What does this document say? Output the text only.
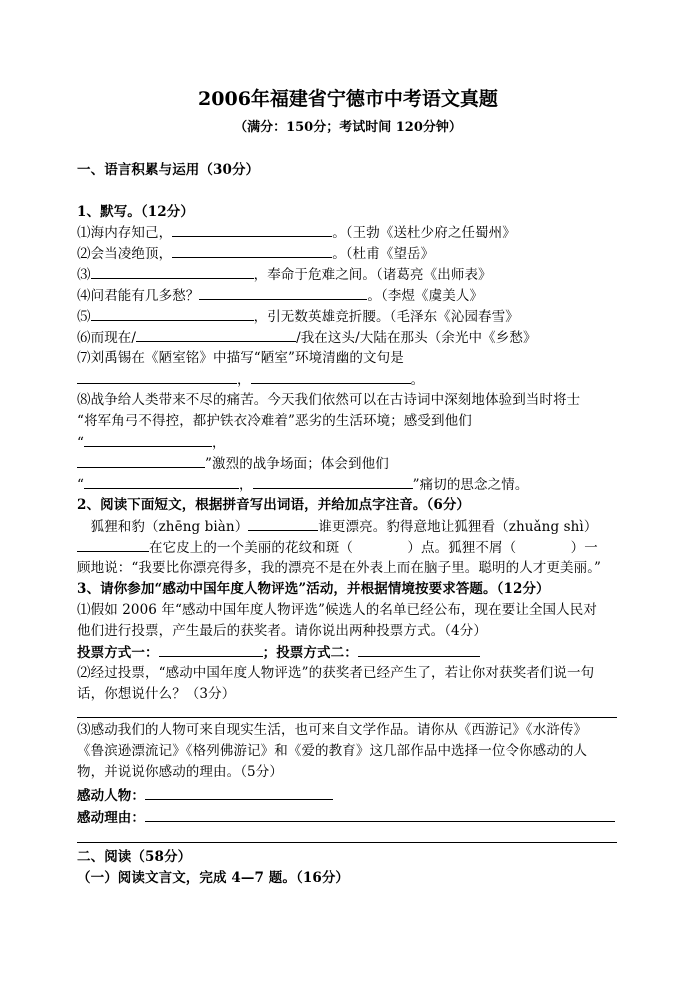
2006年福建省宁德市中考语文真题
（满分：150分；考试时间 120分钟）
一、语言积累与运用（30分）
1、默写。（12分）
⑴海内存知己，	。（王勃《送杜少府之任蜀州》
⑵会当凌绝顶，	。（杜甫《望岳》
⑶	，奉命于危难之间。（诸葛亮《出师表》
⑷问君能有几多愁？	。（李煜《虞美人》
⑸	，引无数英雄竞折腰。（毛泽东《沁园春雪》
⑹而现在/	/我在这头/大陆在那头（余光中《乡愁》
⑺刘禹锡在《陋室铭》中描写“陋室”环境清幽的文句是
，	。
⑻战争给人类带来不尽的痛苦。今天我们依然可以在古诗词中深刻地体验到当时将士
“将军角弓不得控，都护铁衣冷难着”恶劣的生活环境；感受到他们
“	，
”激烈的战争场面；体会到他们
“	，	”痛切的思念之情。
2、阅读下面短文，根据拼音写出词语，并给加点字注音。（6分）
　狐狸和豹（zhēng biàn）	谁更漂亮。豹得意地让狐狸看（zhuǎng shì）
在它皮上的一个美丽的花纹和斑（　　　　）点。狐狸不屑（　　　　）一
顾地说：“我要比你漂亮得多，我的漂亮不是在外表上而在脑子里。聪明的人才更美丽。”
3、请你参加“感动中国年度人物评选”活动，并根据情境按要求答题。（12分）
⑴假如 2006 年“感动中国年度人物评选”候选人的名单已经公布，现在要让全国人民对
他们进行投票，产生最后的获奖者。请你说出两种投票方式。（4分）
投票方式一：	；投票方式二：
⑵经过投票，“感动中国年度人物评选”的获奖者已经产生了，若让你对获奖者们说一句
话，你想说什么？（3分）
⑶感动我们的人物可来自现实生活，也可来自文学作品。请你从《西游记》《水浒传》
《鲁滨逊漂流记》《格列佛游记》和《爱的教育》这几部作品中选择一位令你感动的人
物，并说说你感动的理由。（5分）
感动人物：
感动理由：
二、阅读（58分）
（一）阅读文言文，完成 4—7 题。（16分）
